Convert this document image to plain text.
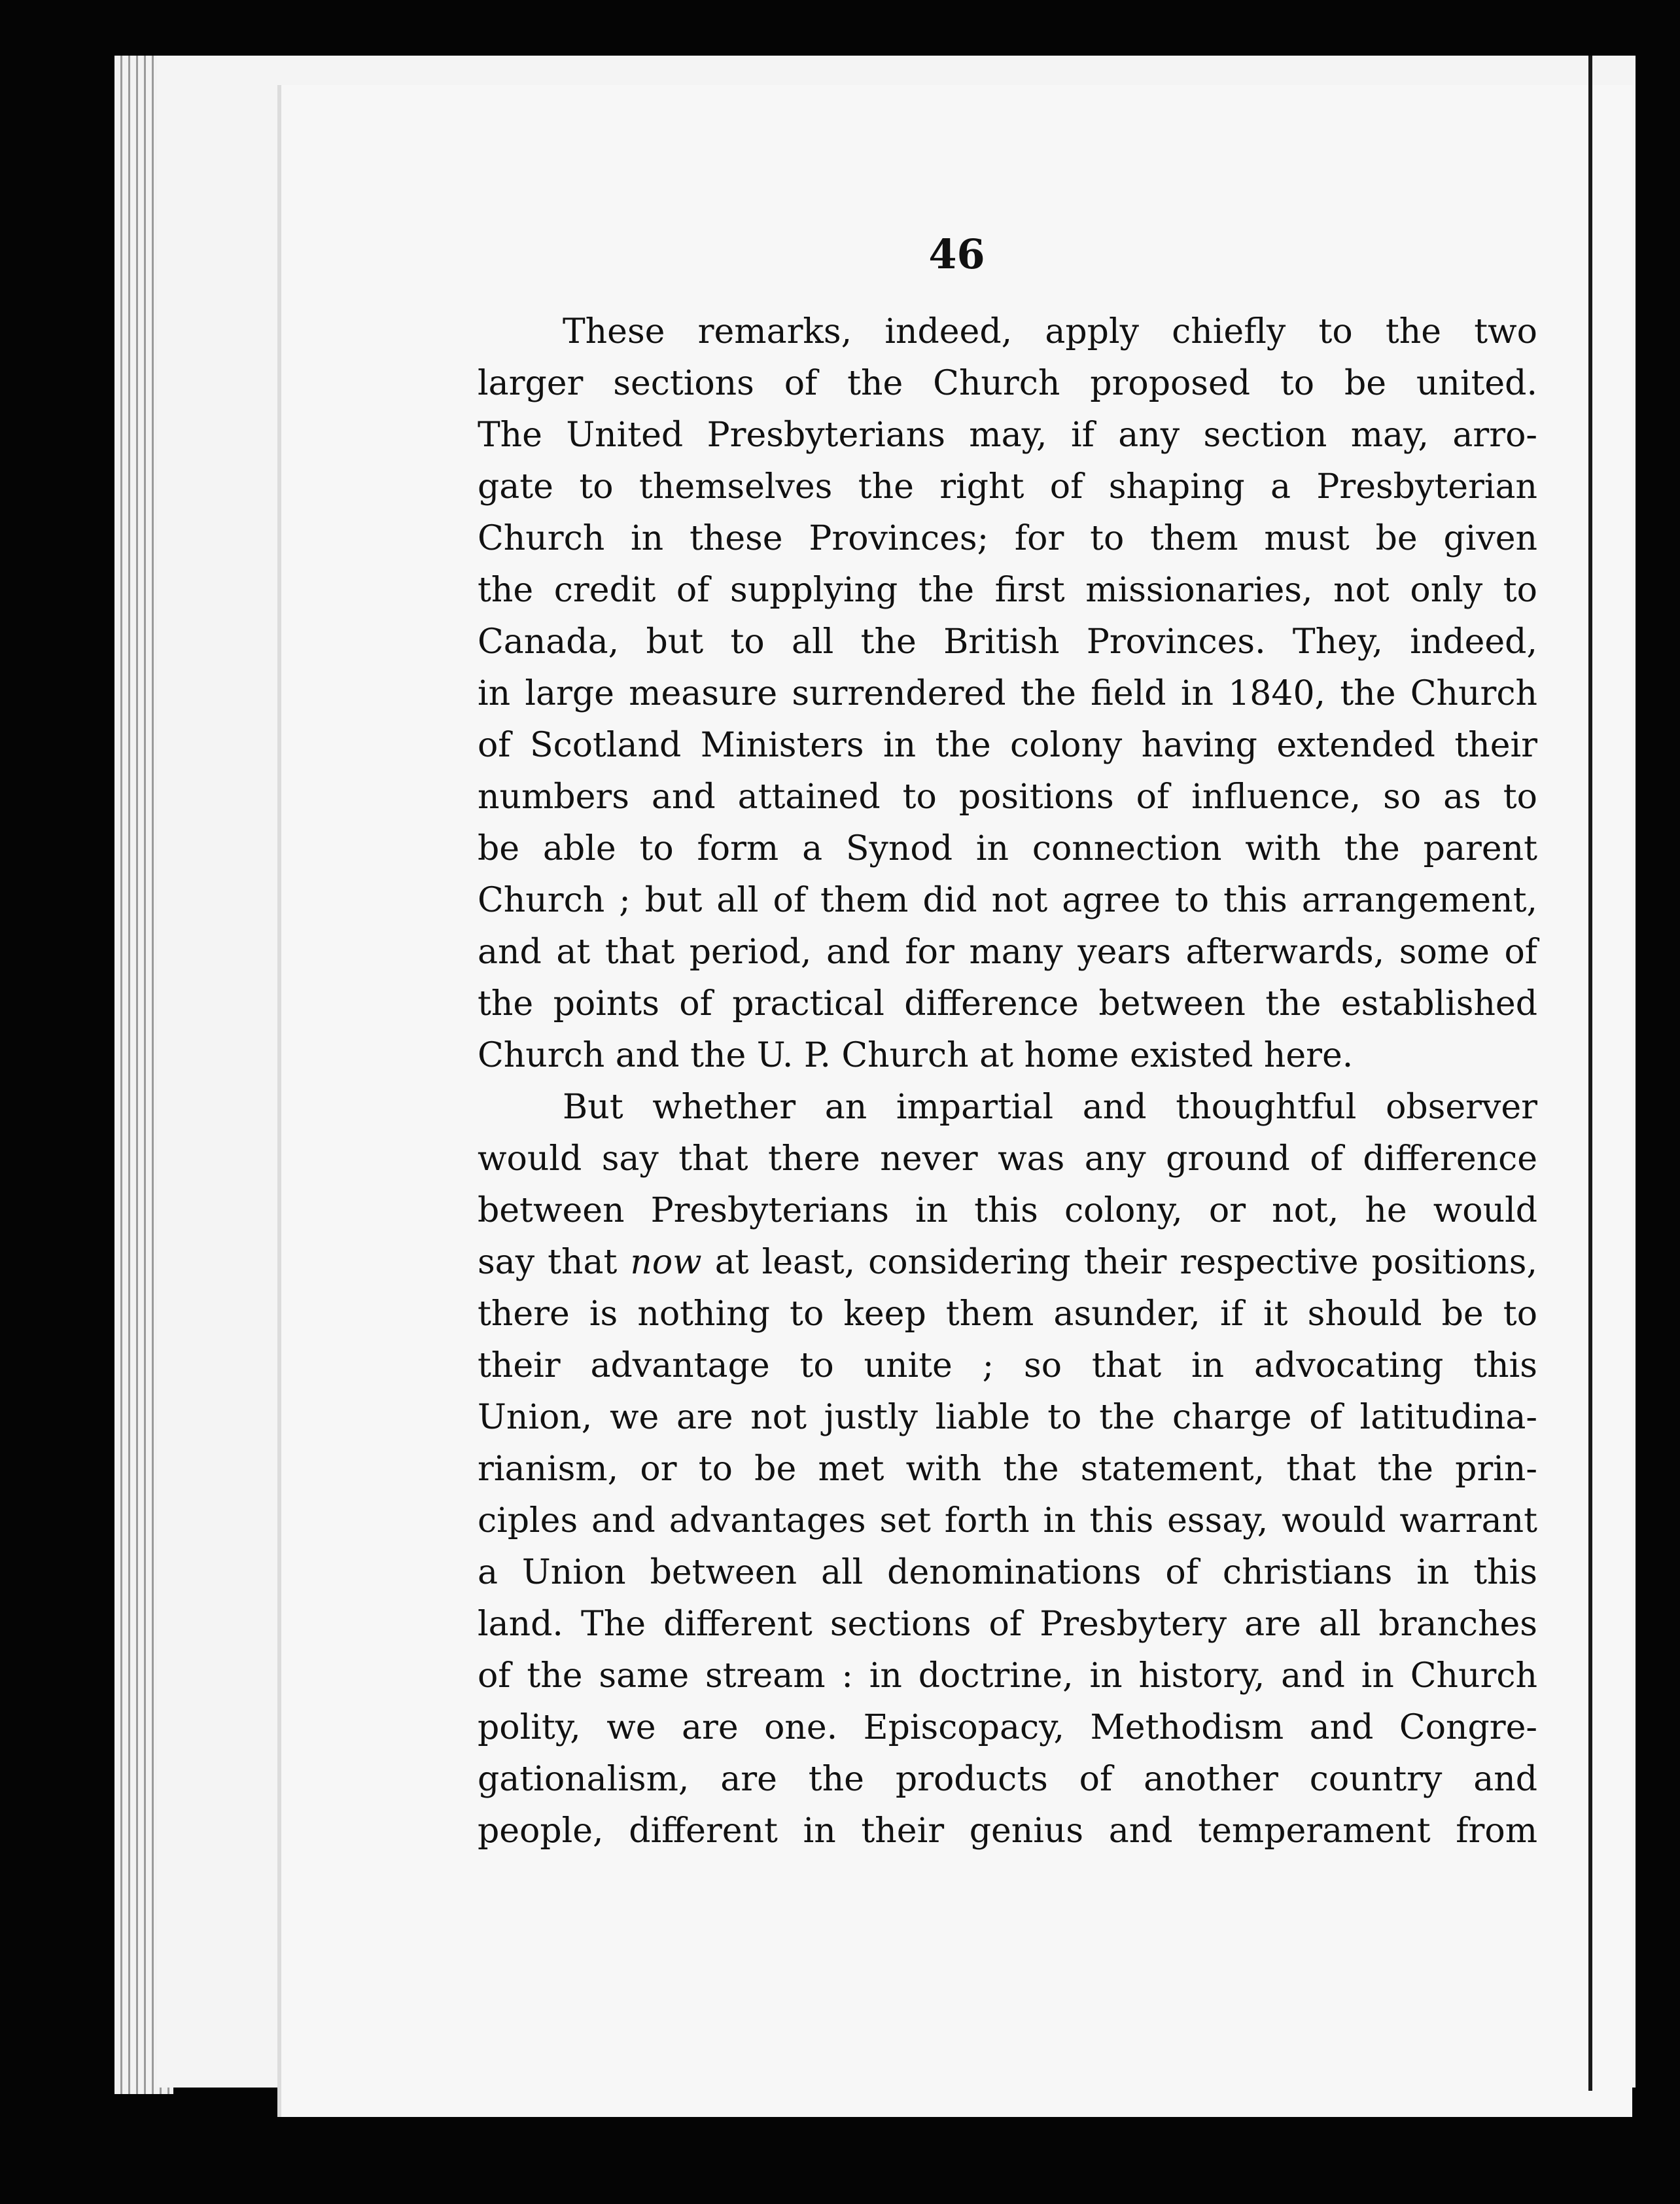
46
These remarks, indeed, apply chiefly to the two
larger sections of the Church proposed to be united.
The United Presbyterians may, if any section may, arro-
gate to themselves the right of shaping a Presbyterian
Church in these Provinces; for to them must be given
the credit of supplying the first missionaries, not only to
Canada, but to all the British Provinces. They, indeed,
in large measure surrendered the field in 1840, the Church
of Scotland Ministers in the colony having extended their
numbers and attained to positions of influence, so as to
be able to form a Synod in connection with the parent
Church ; but all of them did not agree to this arrangement,
and at that period, and for many years afterwards, some of
the points of practical difference between the established
Church and the U. P. Church at home existed here.
But whether an impartial and thoughtful observer
would say that there never was any ground of difference
between Presbyterians in this colony, or not, he would
say that now at least, considering their respective positions,
there is nothing to keep them asunder, if it should be to
their advantage to unite ; so that in advocating this
Union, we are not justly liable to the charge of latitudina-
rianism, or to be met with the statement, that the prin-
ciples and advantages set forth in this essay, would warrant
a Union between all denominations of christians in this
land. The different sections of Presbytery are all branches
of the same stream : in doctrine, in history, and in Church
polity, we are one. Episcopacy, Methodism and Congre-
gationalism, are the products of another country and
people, different in their genius and temperament from
